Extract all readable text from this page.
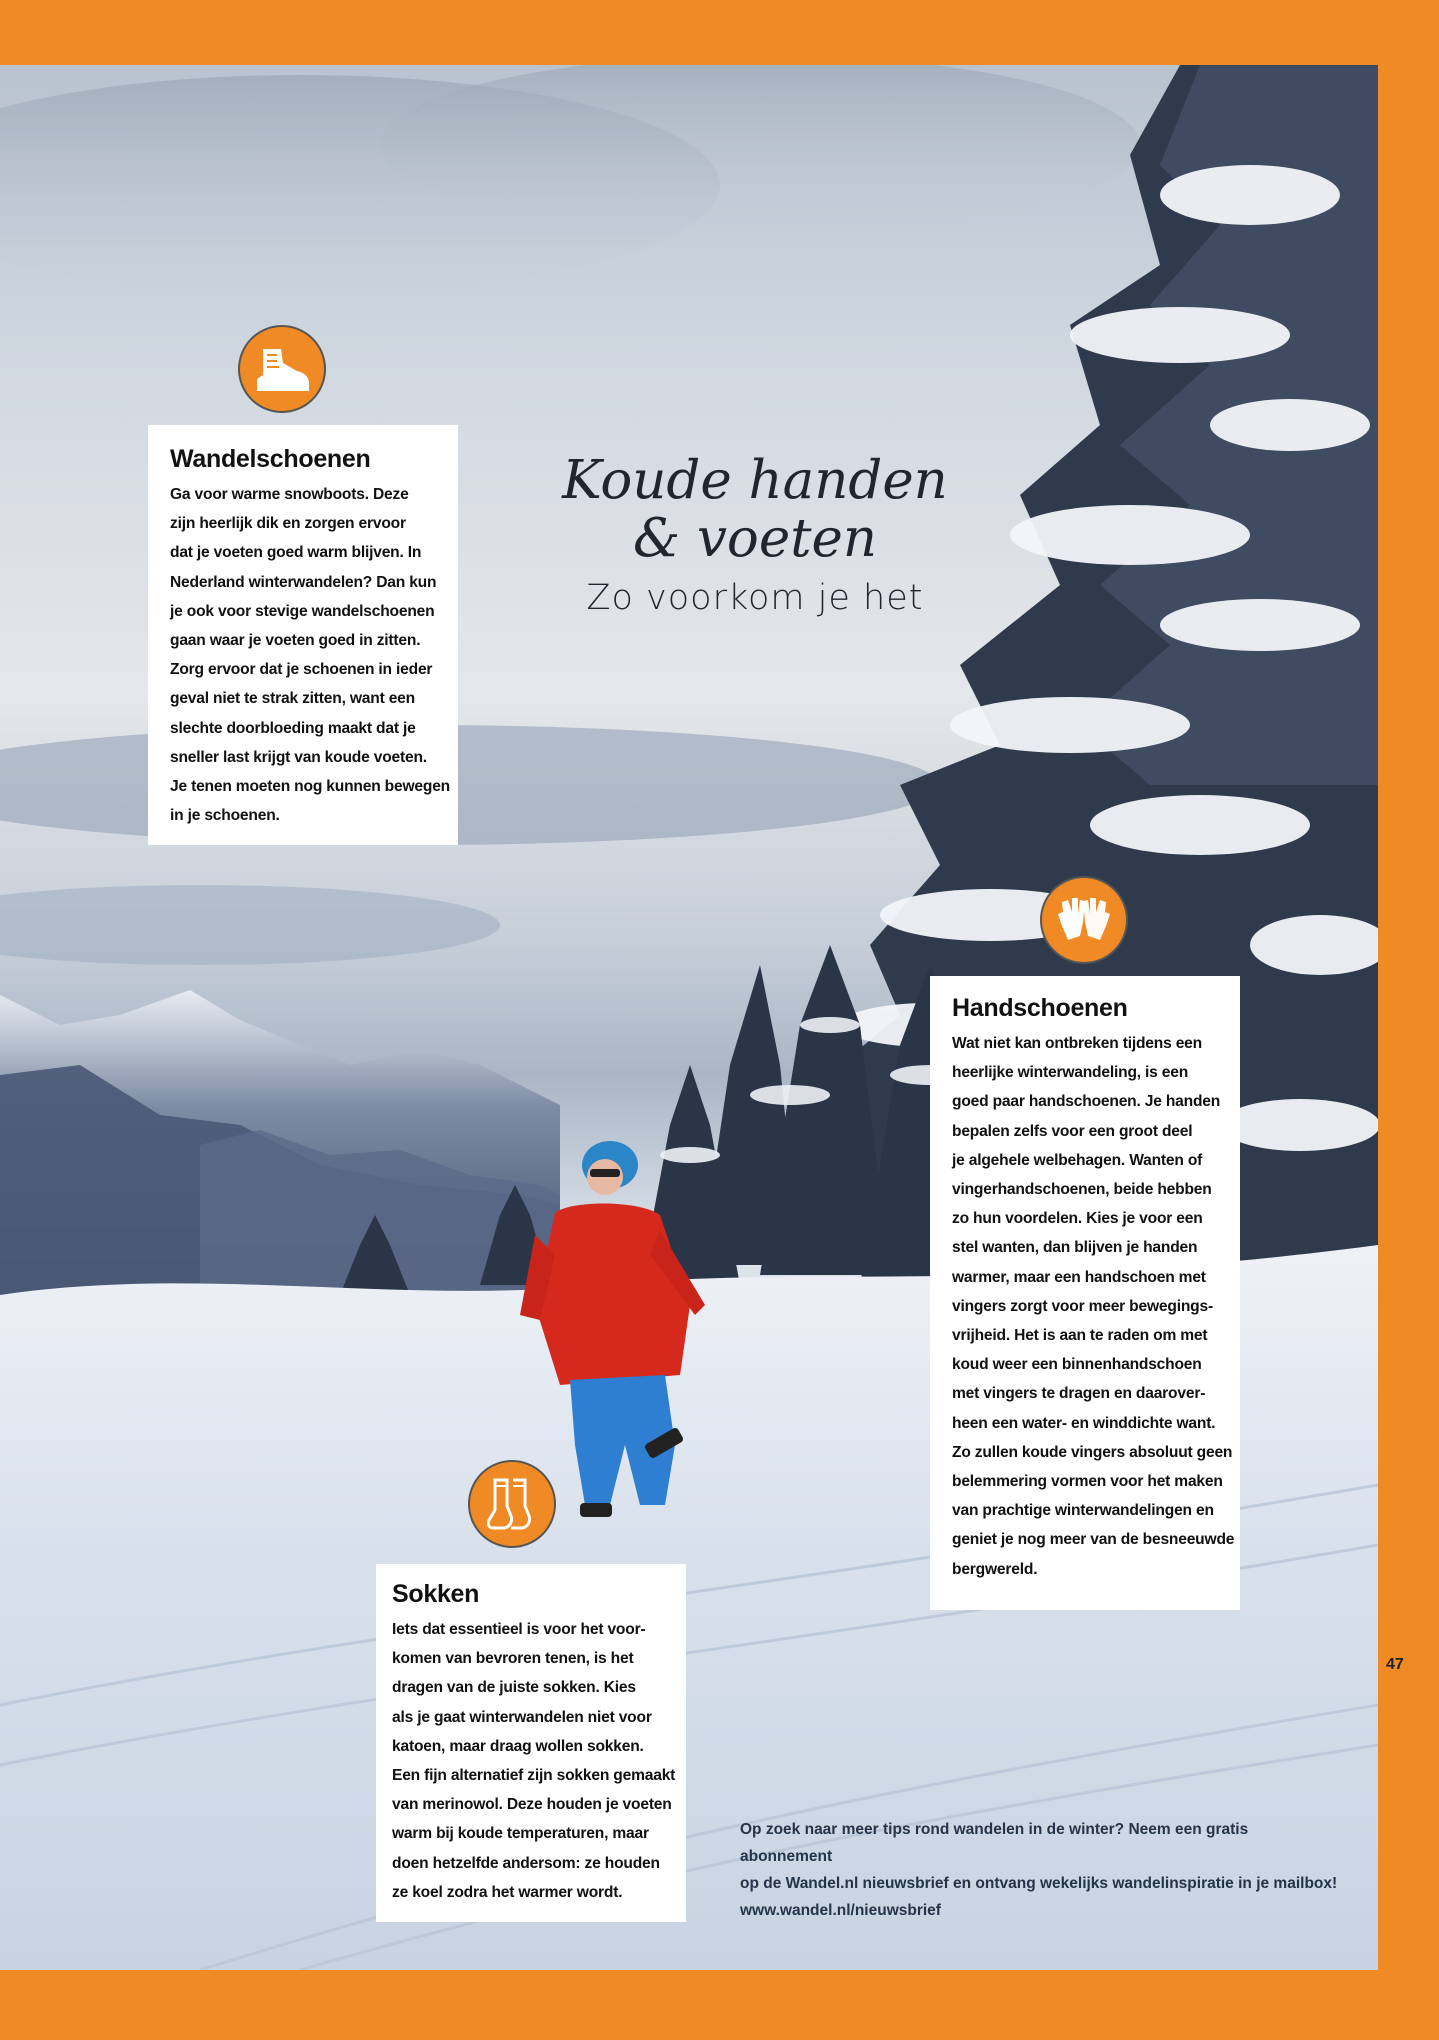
Koude handen
& voeten
Zo voorkom je het
Wandelschoenen

Ga voor warme snowboots. Deze
zijn heerlijk dik en zorgen ervoor
dat je voeten goed warm blijven. In
Nederland winterwandelen? Dan kun
je ook voor stevige wandelschoenen
gaan waar je voeten goed in zitten.
Zorg ervoor dat je schoenen in ieder
geval niet te strak zitten, want een
slechte doorbloeding maakt dat je
sneller last krijgt van koude voeten.
Je tenen moeten nog kunnen bewegen
in je schoenen.

Handschoenen

Wat niet kan ontbreken tijdens een
heerlijke winterwandeling, is een
goed paar handschoenen. Je handen
bepalen zelfs voor een groot deel
je algehele welbehagen. Wanten of
vingerhandschoenen, beide hebben
zo hun voordelen. Kies je voor een
stel wanten, dan blijven je handen
warmer, maar een handschoen met
vingers zorgt voor meer bewegings-
vrijheid. Het is aan te raden om met
koud weer een binnenhandschoen
met vingers te dragen en daarover-
heen een water- en winddichte want.
Zo zullen koude vingers absoluut geen
belemmering vormen voor het maken
van prachtige winterwandelingen en
geniet je nog meer van de besneeuwde
bergwereld.

Sokken

Iets dat essentieel is voor het voor-
komen van bevroren tenen, is het
dragen van de juiste sokken. Kies
als je gaat winterwandelen niet voor
katoen, maar draag wollen sokken.
Een fijn alternatief zijn sokken gemaakt
van merinowol. Deze houden je voeten
warm bij koude temperaturen, maar
doen hetzelfde andersom: ze houden
ze koel zodra het warmer wordt.

Op zoek naar meer tips rond wandelen in de winter? Neem een gratis abonnement
op de Wandel.nl nieuwsbrief en ontvang wekelijks wandelinspiratie in je mailbox!
www.wandel.nl/nieuwsbrief
47
